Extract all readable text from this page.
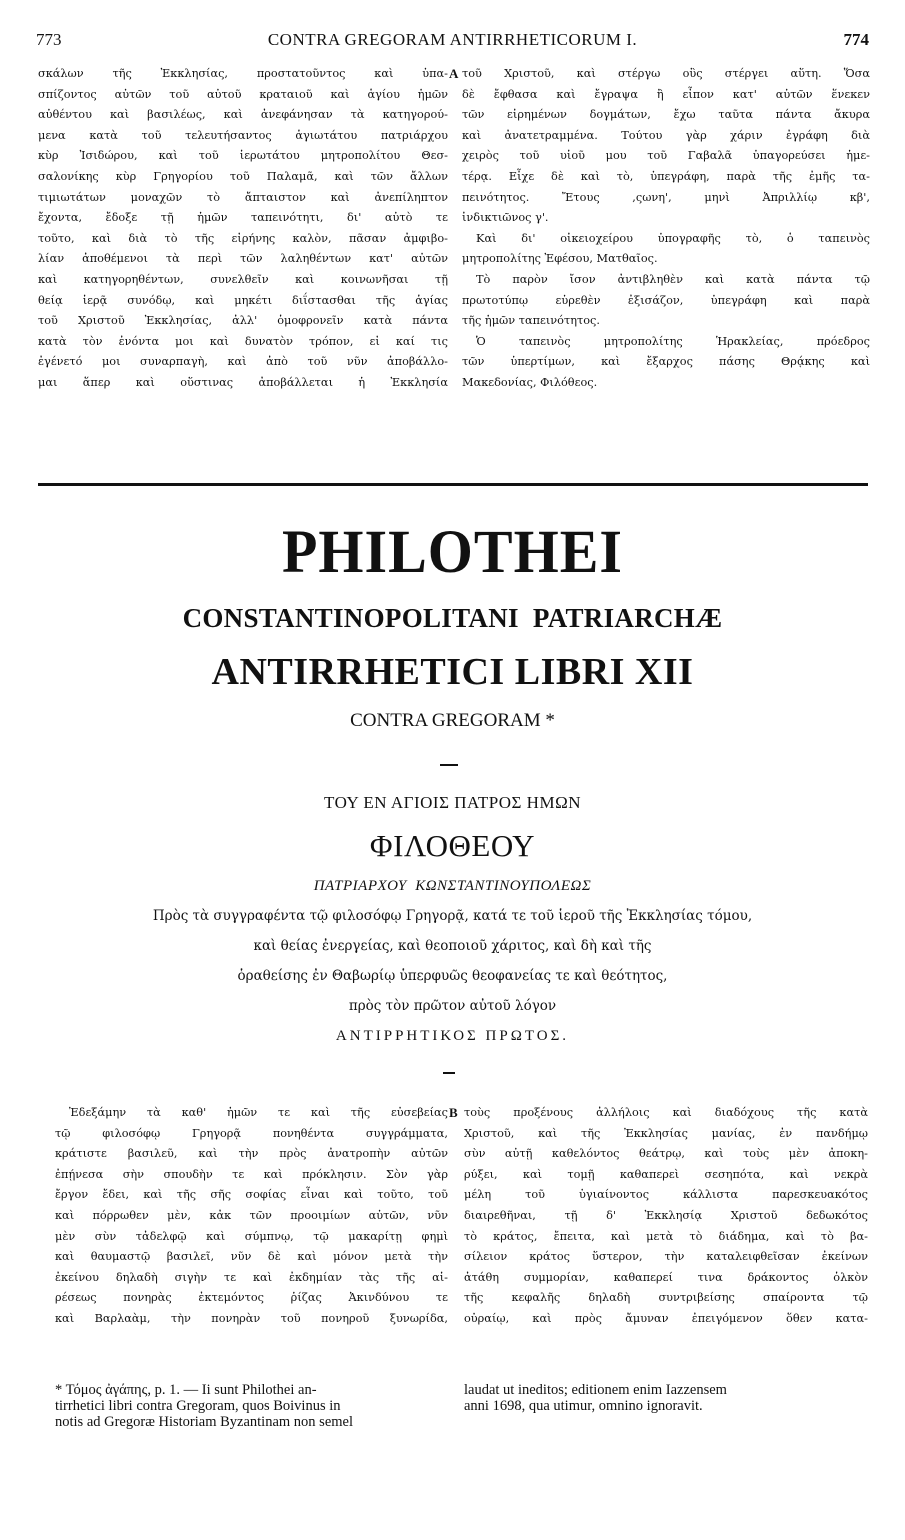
773	CONTRA GREGORAM ANTIRRHETICORUM I.	774
σκάλων τῆς Ἐκκλησίας, προστατοῦντος καὶ ὑπα-
σπίζοντος αὐτῶν τοῦ αὐτοῦ κραταιοῦ καὶ ἁγίου ἡμῶν
αὐθέντου καὶ βασιλέως, καὶ ἀνεφάνησαν τὰ κατηγορού-
μενα κατὰ τοῦ τελευτήσαντος ἁγιωτάτου πατριάρχου
κὺρ Ἰσιδώρου, καὶ τοῦ ἱερωτάτου μητροπολίτου Θεσ-
σαλονίκης κὺρ Γρηγορίου τοῦ Παλαμᾶ, καὶ τῶν ἄλλων
τιμιωτάτων μοναχῶν τὸ ἄπταιστον καὶ ἀνεπίληπτον
ἔχοντα, ἔδοξε τῇ ἡμῶν ταπεινότητι, δι' αὐτὸ τε
τοῦτο, καὶ διὰ τὸ τῆς εἰρήνης καλὸν, πᾶσαν ἀμφιβο-
λίαν ἀποθέμενοι τὰ περὶ τῶν λαληθέντων κατ' αὐτῶν
καὶ κατηγορηθέντων, συνελθεῖν καὶ κοινωνῆσαι τῇ
θείᾳ ἱερᾷ συνόδῳ, καὶ μηκέτι διΐστασθαι τῆς ἁγίας
τοῦ Χριστοῦ Ἐκκλησίας, ἀλλ' ὁμοφρονεῖν κατὰ πάντα
κατὰ τὸν ἐνόντα μοι καὶ δυνατὸν τρόπον, εἰ καί τις
ἐγένετό μοι συναρπαγὴ, καὶ ἀπὸ τοῦ νῦν ἀποβάλλο-
μαι ἅπερ καὶ οὕστινας ἀποβάλλεται ἡ Ἐκκλησία
A τοῦ Χριστοῦ, καὶ στέργω οὓς στέργει αὕτη. Ὅσα
δὲ ἔφθασα καὶ ἔγραψα ἢ εἶπον κατ' αὐτῶν ἕνεκεν
τῶν εἰρημένων δογμάτων, ἔχω ταῦτα πάντα ἄκυρα
καὶ ἀνατετραμμένα. Τούτου γὰρ χάριν ἐγράφη διὰ
χειρὸς τοῦ υἱοῦ μου τοῦ Γαβαλᾶ ὑπαγορεύσει ἡμε-
τέρᾳ. Εἶχε δὲ καὶ τὸ, ὑπεγράφη, παρὰ τῆς ἐμῆς τα-
πεινότητος. Ἔτους ,ςωνη', μηνὶ Ἀπριλλίῳ κβ',
ἰνδικτιῶνος γ'.
Καὶ δι' οἰκειοχείρου ὑπογραφῆς τὸ, ὁ ταπεινὸς
μητροπολίτης Ἐφέσου, Ματθαῖος.
Τὸ παρὸν ἴσον ἀντιβληθὲν καὶ κατὰ πάντα τῷ
πρωτοτύπῳ εὑρεθὲν ἐξισάζον, ὑπεγράφη καὶ παρὰ
τῆς ἡμῶν ταπεινότητος.
Ὁ ταπεινὸς μητροπολίτης Ἡρακλείας, πρόεδρος
τῶν ὑπερτίμων, καὶ ἔξαρχος πάσης Θρᾴκης καὶ
Μακεδονίας, Φιλόθεος.
PHILOTHEI
CONSTANTINOPOLITANI  PATRIARCHÆ
ANTIRRHETICI LIBRI XII
CONTRA GREGORAM *
ΤΟΥ ΕΝ ΑΓΙΟΙΣ ΠΑΤΡΟΣ ΗΜΩΝ
ΦΙΛΟΘΕΟΥ
ΠΑΤΡΙΑΡΧΟΥ  ΚΩΝΣΤΑΝΤΙΝΟΥΠΟΛΕΩΣ
Πρὸς τὰ συγγραφέντα τῷ φιλοσόφῳ Γρηγορᾷ, κατά τε τοῦ ἱεροῦ τῆς Ἐκκλησίας τόμου,
καὶ θείας ἐνεργείας, καὶ θεοποιοῦ χάριτος, καὶ δὴ καὶ τῆς
ὁραθείσης ἐν Θαβωρίῳ ὑπερφυῶς θεοφανείας τε καὶ θεότητος,
πρὸς τὸν πρῶτον αὐτοῦ λόγον
ΑΝΤΙΡΡΗΤΙΚΟΣ ΠΡΩΤΟΣ.
Ἐδεξάμην τὰ καθ' ἡμῶν τε καὶ τῆς εὐσεβείας
τῷ φιλοσόφῳ Γρηγορᾷ πονηθέντα συγγράμματα,
κράτιστε βασιλεῦ, καὶ τὴν πρὸς ἀνατροπὴν αὐτῶν
ἐπῄνεσα σὴν σπουδὴν τε καὶ πρόκλησιν. Σὸν γὰρ
ἔργον ἔδει, καὶ τῆς σῆς σοφίας εἶναι καὶ τοῦτο, τοῦ
καὶ πόρρωθεν μὲν, κἀκ τῶν προοιμίων αὐτῶν, νῦν
μὲν σὺν τἀδελφῷ καὶ σύμπνῳ, τῷ μακαρίτῃ φημὶ
καὶ θαυμαστῷ βασιλεῖ, νῦν δὲ καὶ μόνον μετὰ τὴν
ἐκείνου δηλαδὴ σιγὴν τε καὶ ἐκδημίαν τὰς τῆς αἱ-
ρέσεως πονηρὰς ἐκτεμόντος ῥίζας Ἀκινδύνου τε
καὶ Βαρλαὰμ, τὴν πονηρὰν τοῦ πονηροῦ ξυνωρίδα,
B τοὺς προξένους ἀλλήλοις καὶ διαδόχους τῆς κατὰ
Χριστοῦ, καὶ τῆς Ἐκκλησίας μανίας, ἐν πανδήμῳ
σὺν αὐτῇ καθελόντος θεάτρῳ, καὶ τοὺς μὲν ἀποκη-
ρύξει, καὶ τομῇ καθαπερεὶ σεσηπότα, καὶ νεκρὰ
μέλη τοῦ ὑγιαίνοντος κάλλιστα παρεσκευακότος
διαιρεθῆναι, τῇ δ' Ἐκκλησίᾳ Χριστοῦ δεδωκότος
τὸ κράτος, ἔπειτα, καὶ μετὰ τὸ διάδημα, καὶ τὸ βα-
σίλειον κράτος ὕστερον, τὴν καταλειφθεῖσαν ἐκείνων
ἀτάθη συμμορίαν, καθαπερεί τινα δράκοντος ὁλκὸν
τῆς κεφαλῆς δηλαδὴ συντριβείσης σπαίροντα τῷ
οὐραίῳ, καὶ πρὸς ἄμυναν ἐπειγόμενον ὅθεν κατα-
* Τόμος ἀγάπης, p. 1. — Ii sunt Philothei an-
tirrhetici libri contra Gregoram, quos Boivinus in
notis ad Gregoræ Historiam Byzantinam non semel
laudat ut ineditos; editionem enim Iazzensem
anni 1698, qua utimur, omnino ignoravit.
